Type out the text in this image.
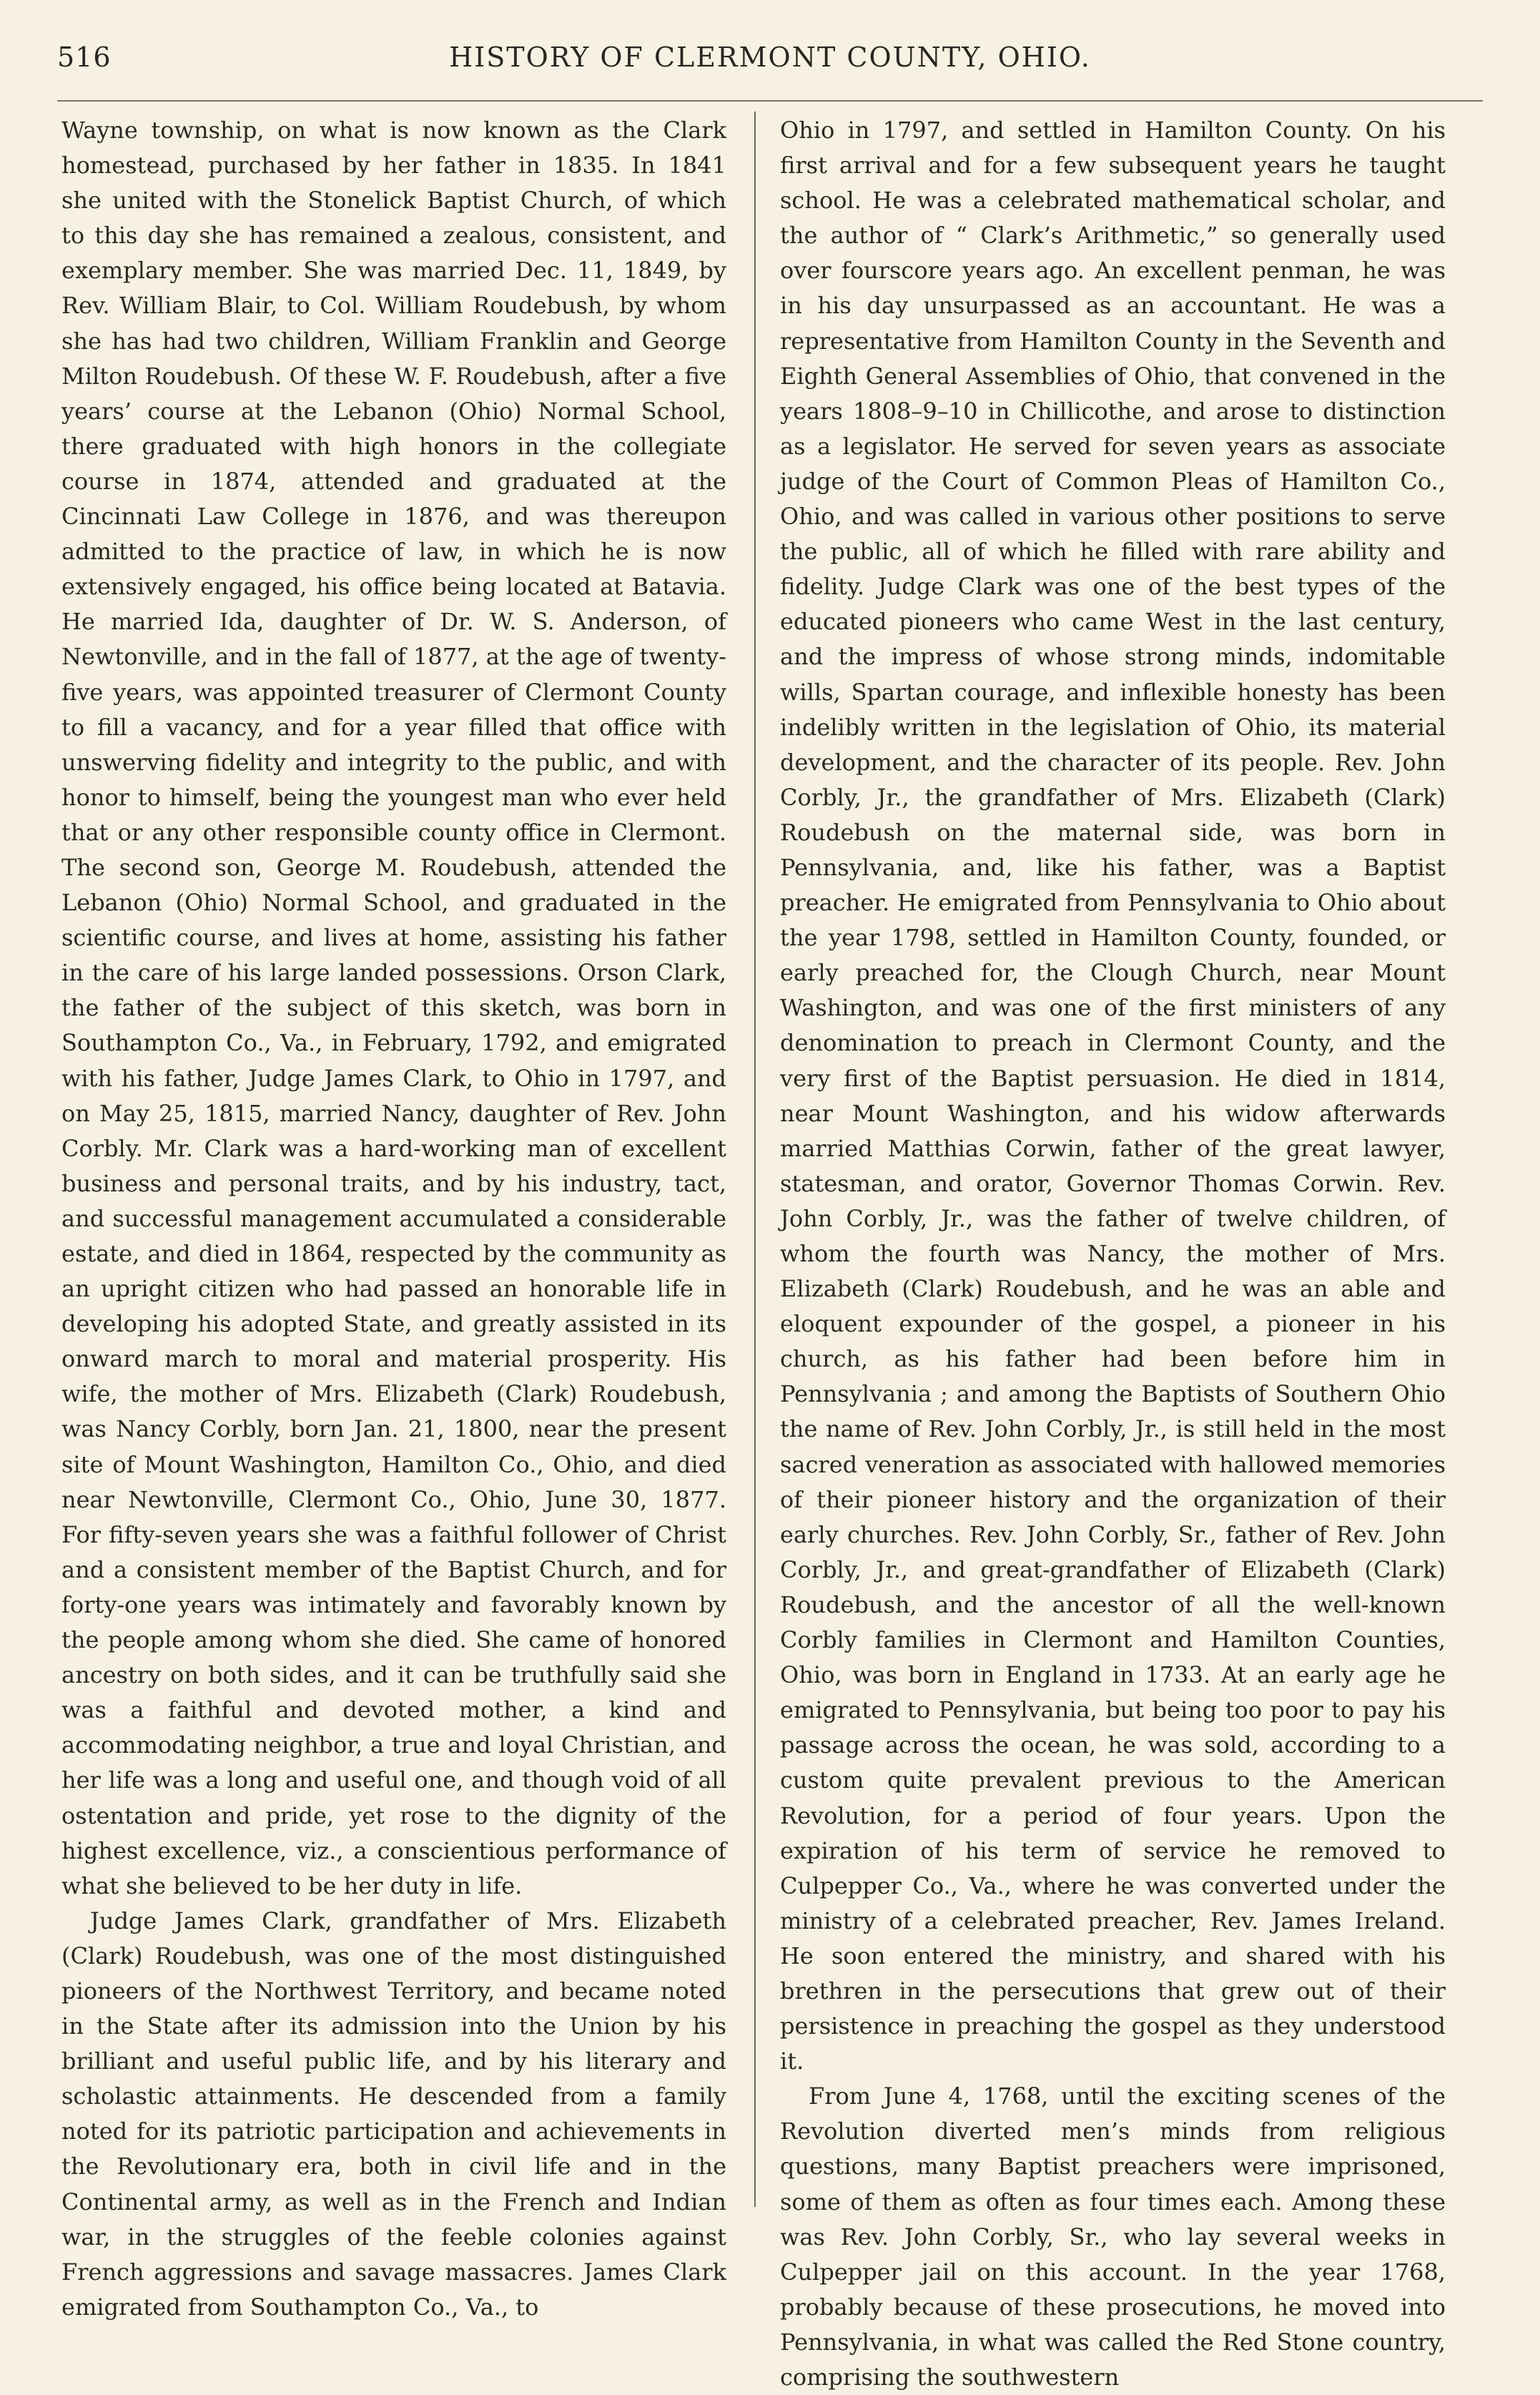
516	HISTORY OF CLERMONT COUNTY, OHIO.

Wayne township, on what is now known as the Clark homestead, purchased by her father in 1835. In 1841 she united with the Stonelick Baptist Church, of which to this day she has remained a zealous, consistent, and exemplary member. She was married Dec. 11, 1849, by Rev. William Blair, to Col. William Roudebush, by whom she has had two children, William Franklin and George Milton Roudebush. Of these W. F. Roudebush, after a five years’ course at the Lebanon (Ohio) Normal School, there graduated with high honors in the collegiate course in 1874, attended and graduated at the Cincinnati Law College in 1876, and was thereupon admitted to the practice of law, in which he is now extensively engaged, his office being located at Batavia. He married Ida, daughter of Dr. W. S. Anderson, of Newtonville, and in the fall of 1877, at the age of twenty-five years, was appointed treasurer of Clermont County to fill a vacancy, and for a year filled that office with unswerving fidelity and integrity to the public, and with honor to himself, being the youngest man who ever held that or any other responsible county office in Clermont. The second son, George M. Roudebush, attended the Lebanon (Ohio) Normal School, and graduated in the scientific course, and lives at home, assisting his father in the care of his large landed possessions. Orson Clark, the father of the subject of this sketch, was born in Southampton Co., Va., in February, 1792, and emigrated with his father, Judge James Clark, to Ohio in 1797, and on May 25, 1815, married Nancy, daughter of Rev. John Corbly. Mr. Clark was a hard-working man of excellent business and personal traits, and by his industry, tact, and successful management accumulated a considerable estate, and died in 1864, respected by the community as an upright citizen who had passed an honorable life in developing his adopted State, and greatly assisted in its onward march to moral and material prosperity. His wife, the mother of Mrs. Elizabeth (Clark) Roudebush, was Nancy Corbly, born Jan. 21, 1800, near the present site of Mount Washington, Hamilton Co., Ohio, and died near Newtonville, Clermont Co., Ohio, June 30, 1877. For fifty-seven years she was a faithful follower of Christ and a consistent member of the Baptist Church, and for forty-one years was intimately and favorably known by the people among whom she died. She came of honored ancestry on both sides, and it can be truthfully said she was a faithful and devoted mother, a kind and accommodating neighbor, a true and loyal Christian, and her life was a long and useful one, and though void of all ostentation and pride, yet rose to the dignity of the highest excellence, viz., a conscientious performance of what she believed to be her duty in life.

Judge James Clark, grandfather of Mrs. Elizabeth (Clark) Roudebush, was one of the most distinguished pioneers of the Northwest Territory, and became noted in the State after its admission into the Union by his brilliant and useful public life, and by his literary and scholastic attainments. He descended from a family noted for its patriotic participation and achievements in the Revolutionary era, both in civil life and in the Continental army, as well as in the French and Indian war, in the struggles of the feeble colonies against French aggressions and savage massacres. James Clark emigrated from Southampton Co., Va., to

Ohio in 1797, and settled in Hamilton County. On his first arrival and for a few subsequent years he taught school. He was a celebrated mathematical scholar, and the author of “ Clark’s Arithmetic,” so generally used over fourscore years ago. An excellent penman, he was in his day unsurpassed as an accountant. He was a representative from Hamilton County in the Seventh and Eighth General Assemblies of Ohio, that convened in the years 1808–9–10 in Chillicothe, and arose to distinction as a legislator. He served for seven years as associate judge of the Court of Common Pleas of Hamilton Co., Ohio, and was called in various other positions to serve the public, all of which he filled with rare ability and fidelity. Judge Clark was one of the best types of the educated pioneers who came West in the last century, and the impress of whose strong minds, indomitable wills, Spartan courage, and inflexible honesty has been indelibly written in the legislation of Ohio, its material development, and the character of its people. Rev. John Corbly, Jr., the grandfather of Mrs. Elizabeth (Clark) Roudebush on the maternal side, was born in Pennsylvania, and, like his father, was a Baptist preacher. He emigrated from Pennsylvania to Ohio about the year 1798, settled in Hamilton County, founded, or early preached for, the Clough Church, near Mount Washington, and was one of the first ministers of any denomination to preach in Clermont County, and the very first of the Baptist persuasion. He died in 1814, near Mount Washington, and his widow afterwards married Matthias Corwin, father of the great lawyer, statesman, and orator, Governor Thomas Corwin. Rev. John Corbly, Jr., was the father of twelve children, of whom the fourth was Nancy, the mother of Mrs. Elizabeth (Clark) Roudebush, and he was an able and eloquent expounder of the gospel, a pioneer in his church, as his father had been before him in Pennsylvania ; and among the Baptists of Southern Ohio the name of Rev. John Corbly, Jr., is still held in the most sacred veneration as associated with hallowed memories of their pioneer history and the organization of their early churches. Rev. John Corbly, Sr., father of Rev. John Corbly, Jr., and great-grandfather of Elizabeth (Clark) Roudebush, and the ancestor of all the well-known Corbly families in Clermont and Hamilton Counties, Ohio, was born in England in 1733. At an early age he emigrated to Pennsylvania, but being too poor to pay his passage across the ocean, he was sold, according to a custom quite prevalent previous to the American Revolution, for a period of four years. Upon the expiration of his term of service he removed to Culpepper Co., Va., where he was converted under the ministry of a celebrated preacher, Rev. James Ireland. He soon entered the ministry, and shared with his brethren in the persecutions that grew out of their persistence in preaching the gospel as they understood it.

From June 4, 1768, until the exciting scenes of the Revolution diverted men’s minds from religious questions, many Baptist preachers were imprisoned, some of them as often as four times each. Among these was Rev. John Corbly, Sr., who lay several weeks in Culpepper jail on this account. In the year 1768, probably because of these prosecutions, he moved into Pennsylvania, in what was called the Red Stone country, comprising the southwestern
